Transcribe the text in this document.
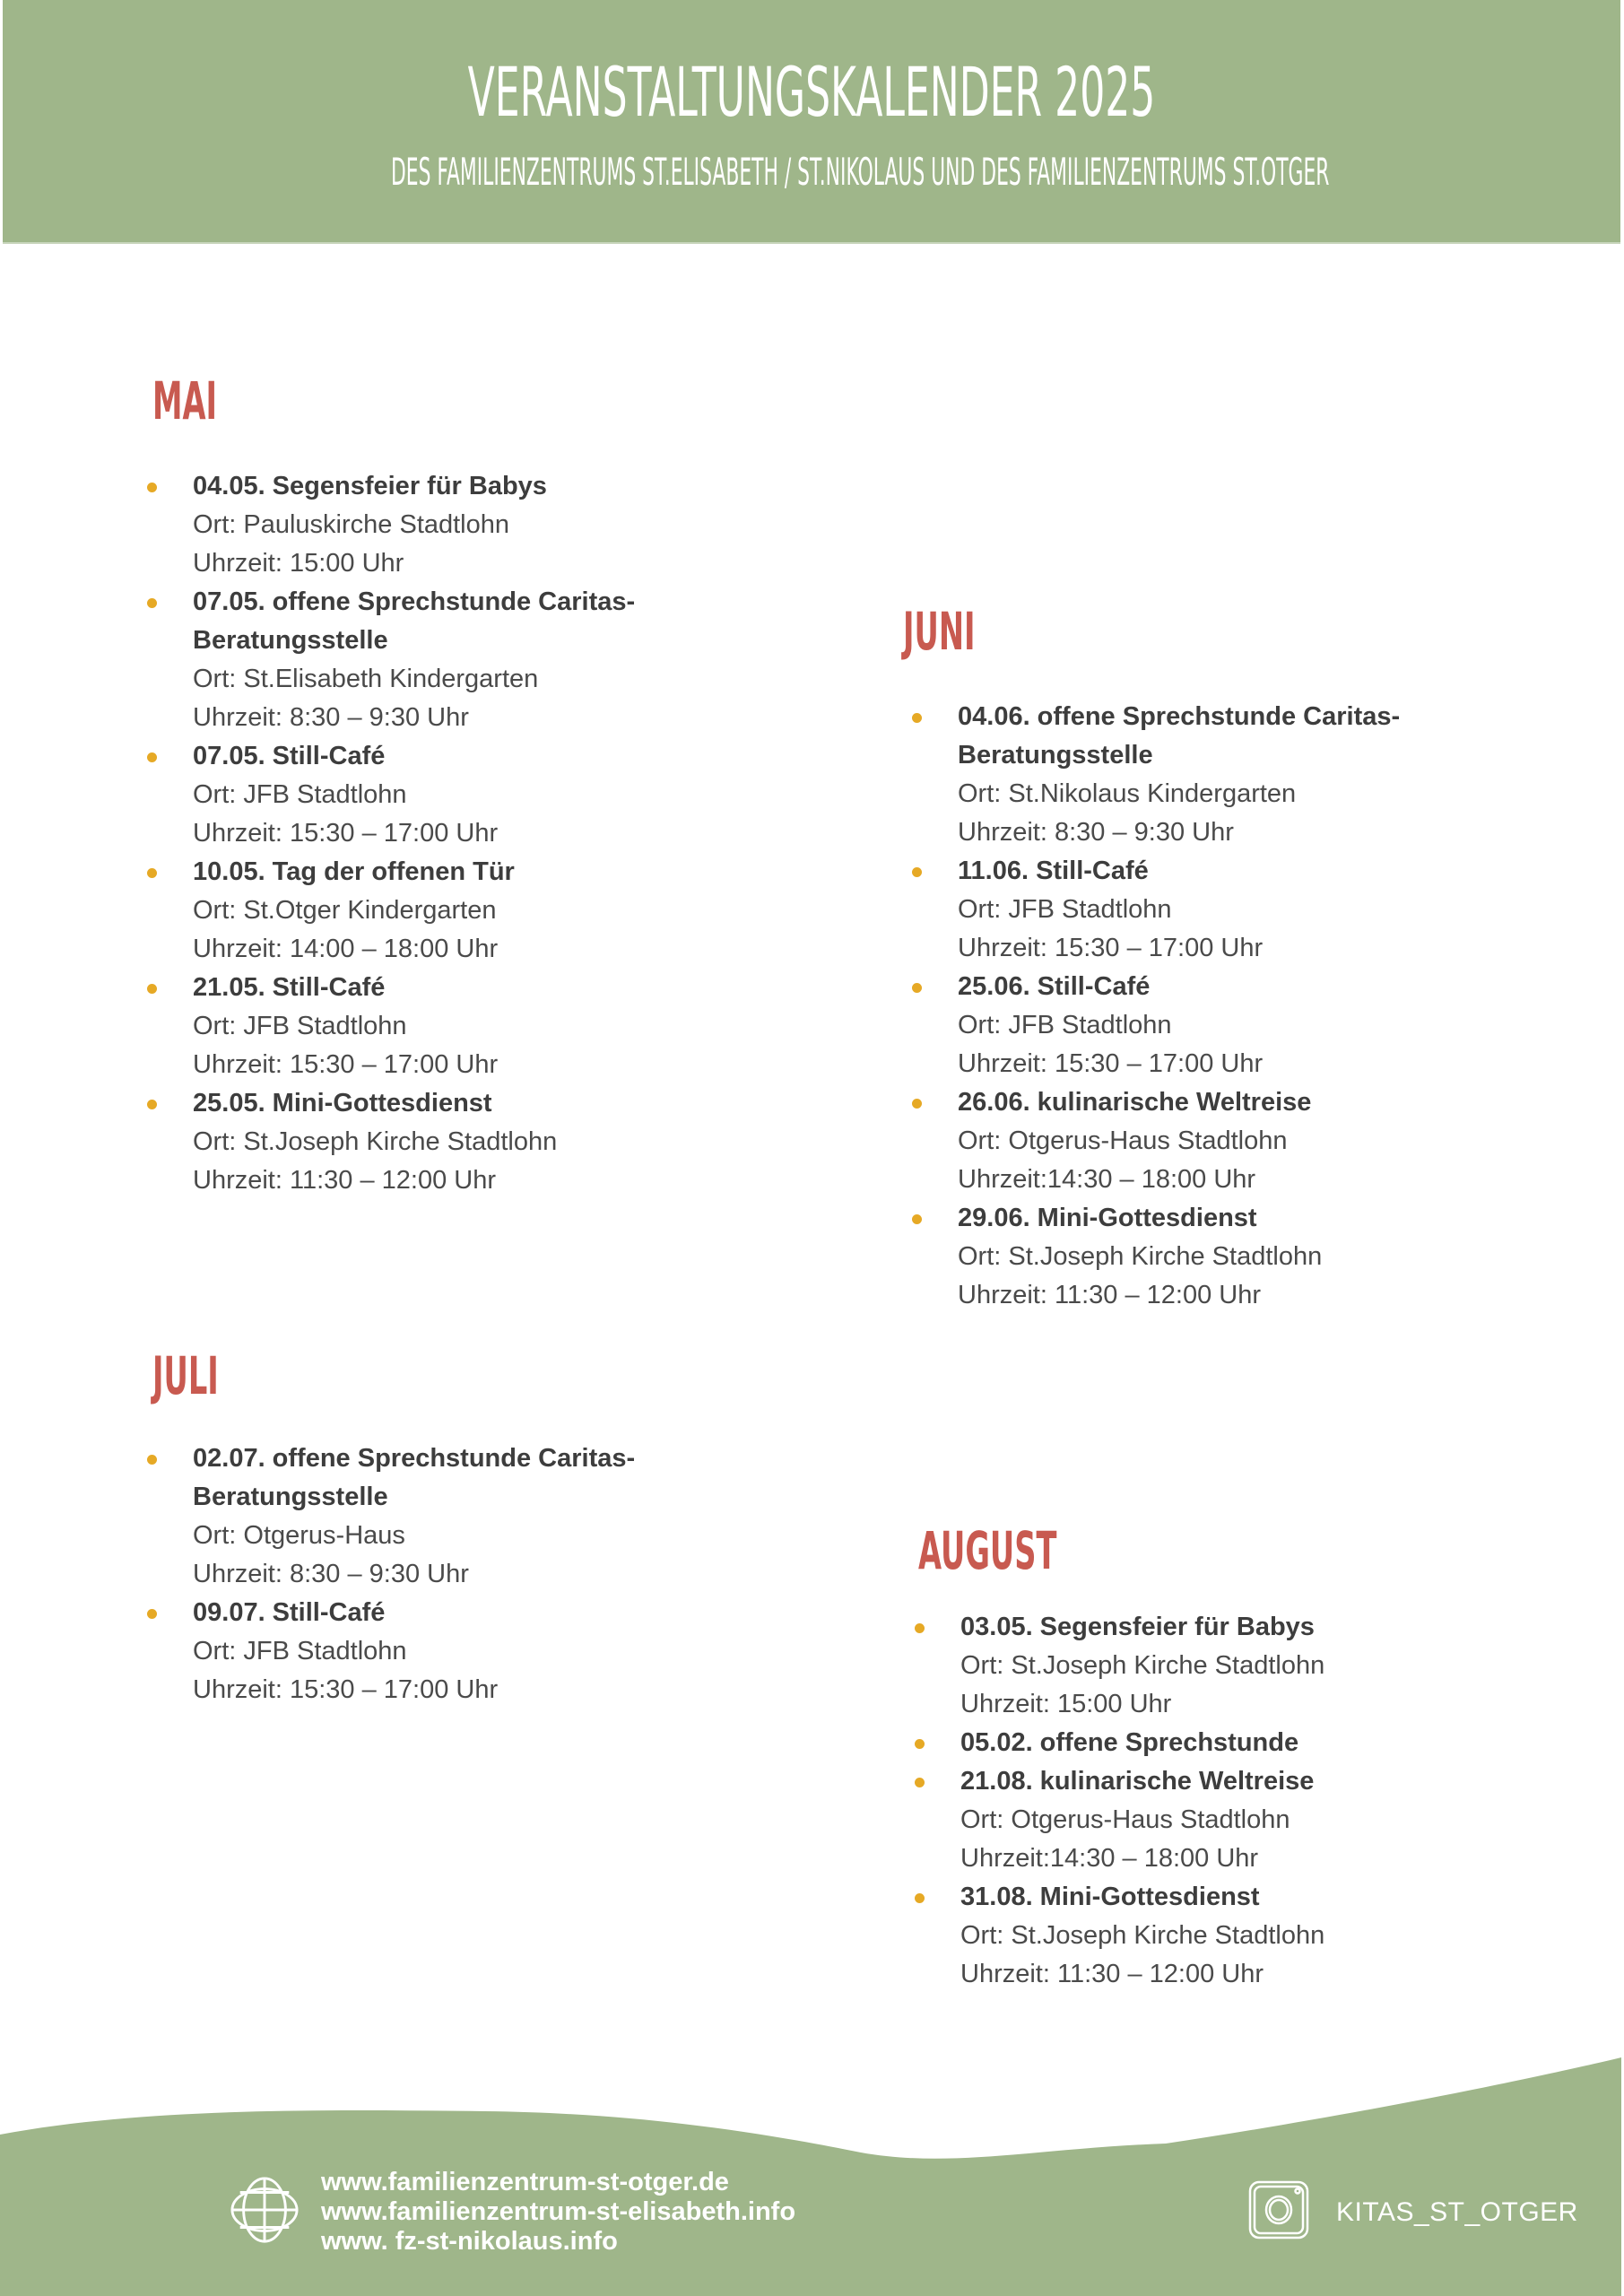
VERANSTALTUNGSKALENDER 2025
DES FAMILIENZENTRUMS ST.ELISABETH / ST.NIKOLAUS UND DES FAMILIENZENTRUMS ST.OTGER
MAI
04.05. Segensfeier für Babys
Ort: Pauluskirche Stadtlohn
Uhrzeit: 15:00 Uhr
07.05. offene Sprechstunde Caritas-
Beratungsstelle
Ort: St.Elisabeth Kindergarten
Uhrzeit: 8:30 – 9:30 Uhr
07.05. Still-Café
Ort: JFB Stadtlohn
Uhrzeit: 15:30 – 17:00 Uhr
10.05. Tag der offenen Tür
Ort: St.Otger Kindergarten
Uhrzeit: 14:00 – 18:00 Uhr
21.05. Still-Café
Ort: JFB Stadtlohn
Uhrzeit: 15:30 – 17:00 Uhr
25.05. Mini-Gottesdienst
Ort: St.Joseph Kirche Stadtlohn
Uhrzeit: 11:30 – 12:00 Uhr
JUNI
04.06. offene Sprechstunde Caritas-
Beratungsstelle
Ort: St.Nikolaus Kindergarten
Uhrzeit: 8:30 – 9:30 Uhr
11.06. Still-Café
Ort: JFB Stadtlohn
Uhrzeit: 15:30 – 17:00 Uhr
25.06. Still-Café
Ort: JFB Stadtlohn
Uhrzeit: 15:30 – 17:00 Uhr
26.06. kulinarische Weltreise
Ort: Otgerus-Haus Stadtlohn
Uhrzeit:14:30 – 18:00 Uhr
29.06. Mini-Gottesdienst
Ort: St.Joseph Kirche Stadtlohn
Uhrzeit: 11:30 – 12:00 Uhr
JULI
02.07. offene Sprechstunde Caritas-
Beratungsstelle
Ort: Otgerus-Haus
Uhrzeit: 8:30 – 9:30 Uhr
09.07. Still-Café
Ort: JFB Stadtlohn
Uhrzeit: 15:30 – 17:00 Uhr
AUGUST
03.05. Segensfeier für Babys
Ort: St.Joseph Kirche Stadtlohn
Uhrzeit: 15:00 Uhr
05.02. offene Sprechstunde
21.08. kulinarische Weltreise
Ort: Otgerus-Haus Stadtlohn
Uhrzeit:14:30 – 18:00 Uhr
31.08. Mini-Gottesdienst
Ort: St.Joseph Kirche Stadtlohn
Uhrzeit: 11:30 – 12:00 Uhr
www.familienzentrum-st-otger.de
www.familienzentrum-st-elisabeth.info
www. fz-st-nikolaus.info
KITAS_ST_OTGER
